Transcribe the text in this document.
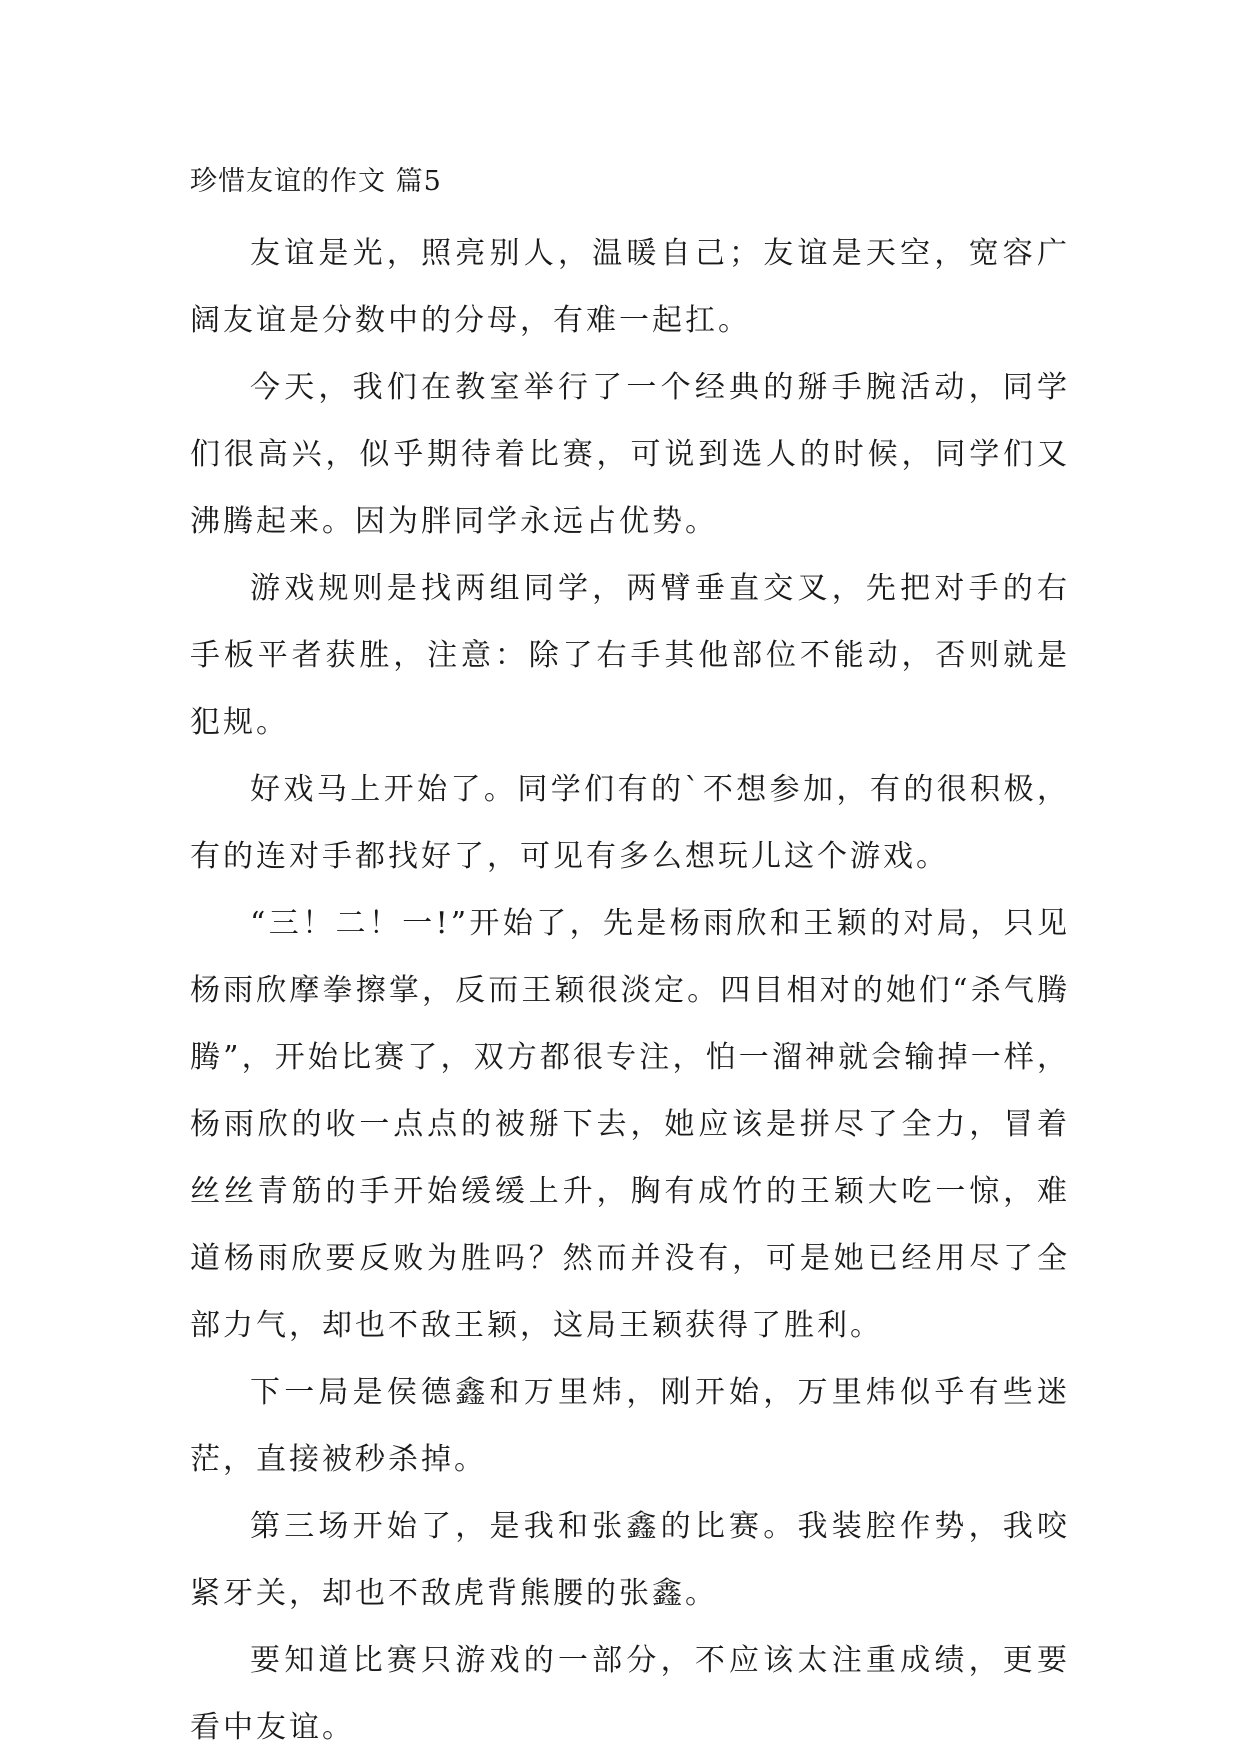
珍惜友谊的作文 篇5

友谊是光，照亮别人，温暖自己；友谊是天空，宽容广阔友谊是分数中的分母，有难一起扛。

今天，我们在教室举行了一个经典的掰手腕活动，同学们很高兴，似乎期待着比赛，可说到选人的时候，同学们又沸腾起来。因为胖同学永远占优势。

游戏规则是找两组同学，两臂垂直交叉，先把对手的右手板平者获胜，注意：除了右手其他部位不能动，否则就是犯规。

好戏马上开始了。同学们有的`不想参加，有的很积极，有的连对手都找好了，可见有多么想玩儿这个游戏。

“三！二！一!”开始了，先是杨雨欣和王颖的对局，只见杨雨欣摩拳擦掌，反而王颖很淡定。四目相对的她们“杀气腾腾”，开始比赛了，双方都很专注，怕一溜神就会输掉一样，杨雨欣的收一点点的被掰下去，她应该是拼尽了全力，冒着丝丝青筋的手开始缓缓上升，胸有成竹的王颖大吃一惊，难道杨雨欣要反败为胜吗？然而并没有，可是她已经用尽了全部力气，却也不敌王颖，这局王颖获得了胜利。

下一局是侯德鑫和万里炜，刚开始，万里炜似乎有些迷茫，直接被秒杀掉。

第三场开始了，是我和张鑫的比赛。我装腔作势，我咬紧牙关，却也不敌虎背熊腰的张鑫。

要知道比赛只游戏的一部分，不应该太注重成绩，更要看中友谊。
